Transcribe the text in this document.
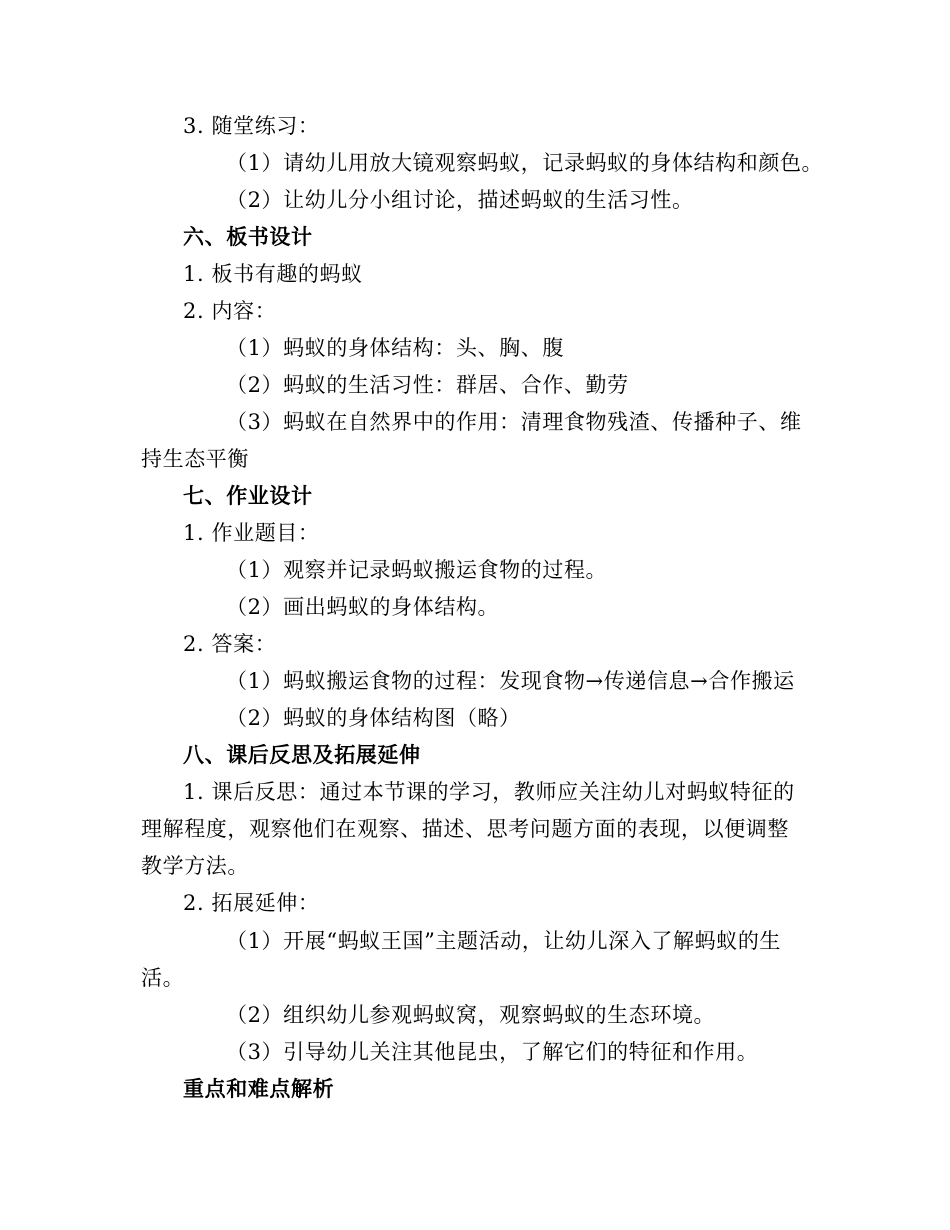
3. 随堂练习：
（1）请幼儿用放大镜观察蚂蚁，记录蚂蚁的身体结构和颜色。
（2）让幼儿分小组讨论，描述蚂蚁的生活习性。
六、板书设计
1. 板书有趣的蚂蚁
2. 内容：
（1）蚂蚁的身体结构：头、胸、腹
（2）蚂蚁的生活习性：群居、合作、勤劳
（3）蚂蚁在自然界中的作用：清理食物残渣、传播种子、维
持生态平衡
七、作业设计
1. 作业题目：
（1）观察并记录蚂蚁搬运食物的过程。
（2）画出蚂蚁的身体结构。
2. 答案：
（1）蚂蚁搬运食物的过程：发现食物→传递信息→合作搬运
（2）蚂蚁的身体结构图（略）
八、课后反思及拓展延伸
1. 课后反思：通过本节课的学习，教师应关注幼儿对蚂蚁特征的
理解程度，观察他们在观察、描述、思考问题方面的表现，以便调整
教学方法。
2. 拓展延伸：
（1）开展“蚂蚁王国”主题活动，让幼儿深入了解蚂蚁的生
活。
（2）组织幼儿参观蚂蚁窝，观察蚂蚁的生态环境。
（3）引导幼儿关注其他昆虫，了解它们的特征和作用。
重点和难点解析
